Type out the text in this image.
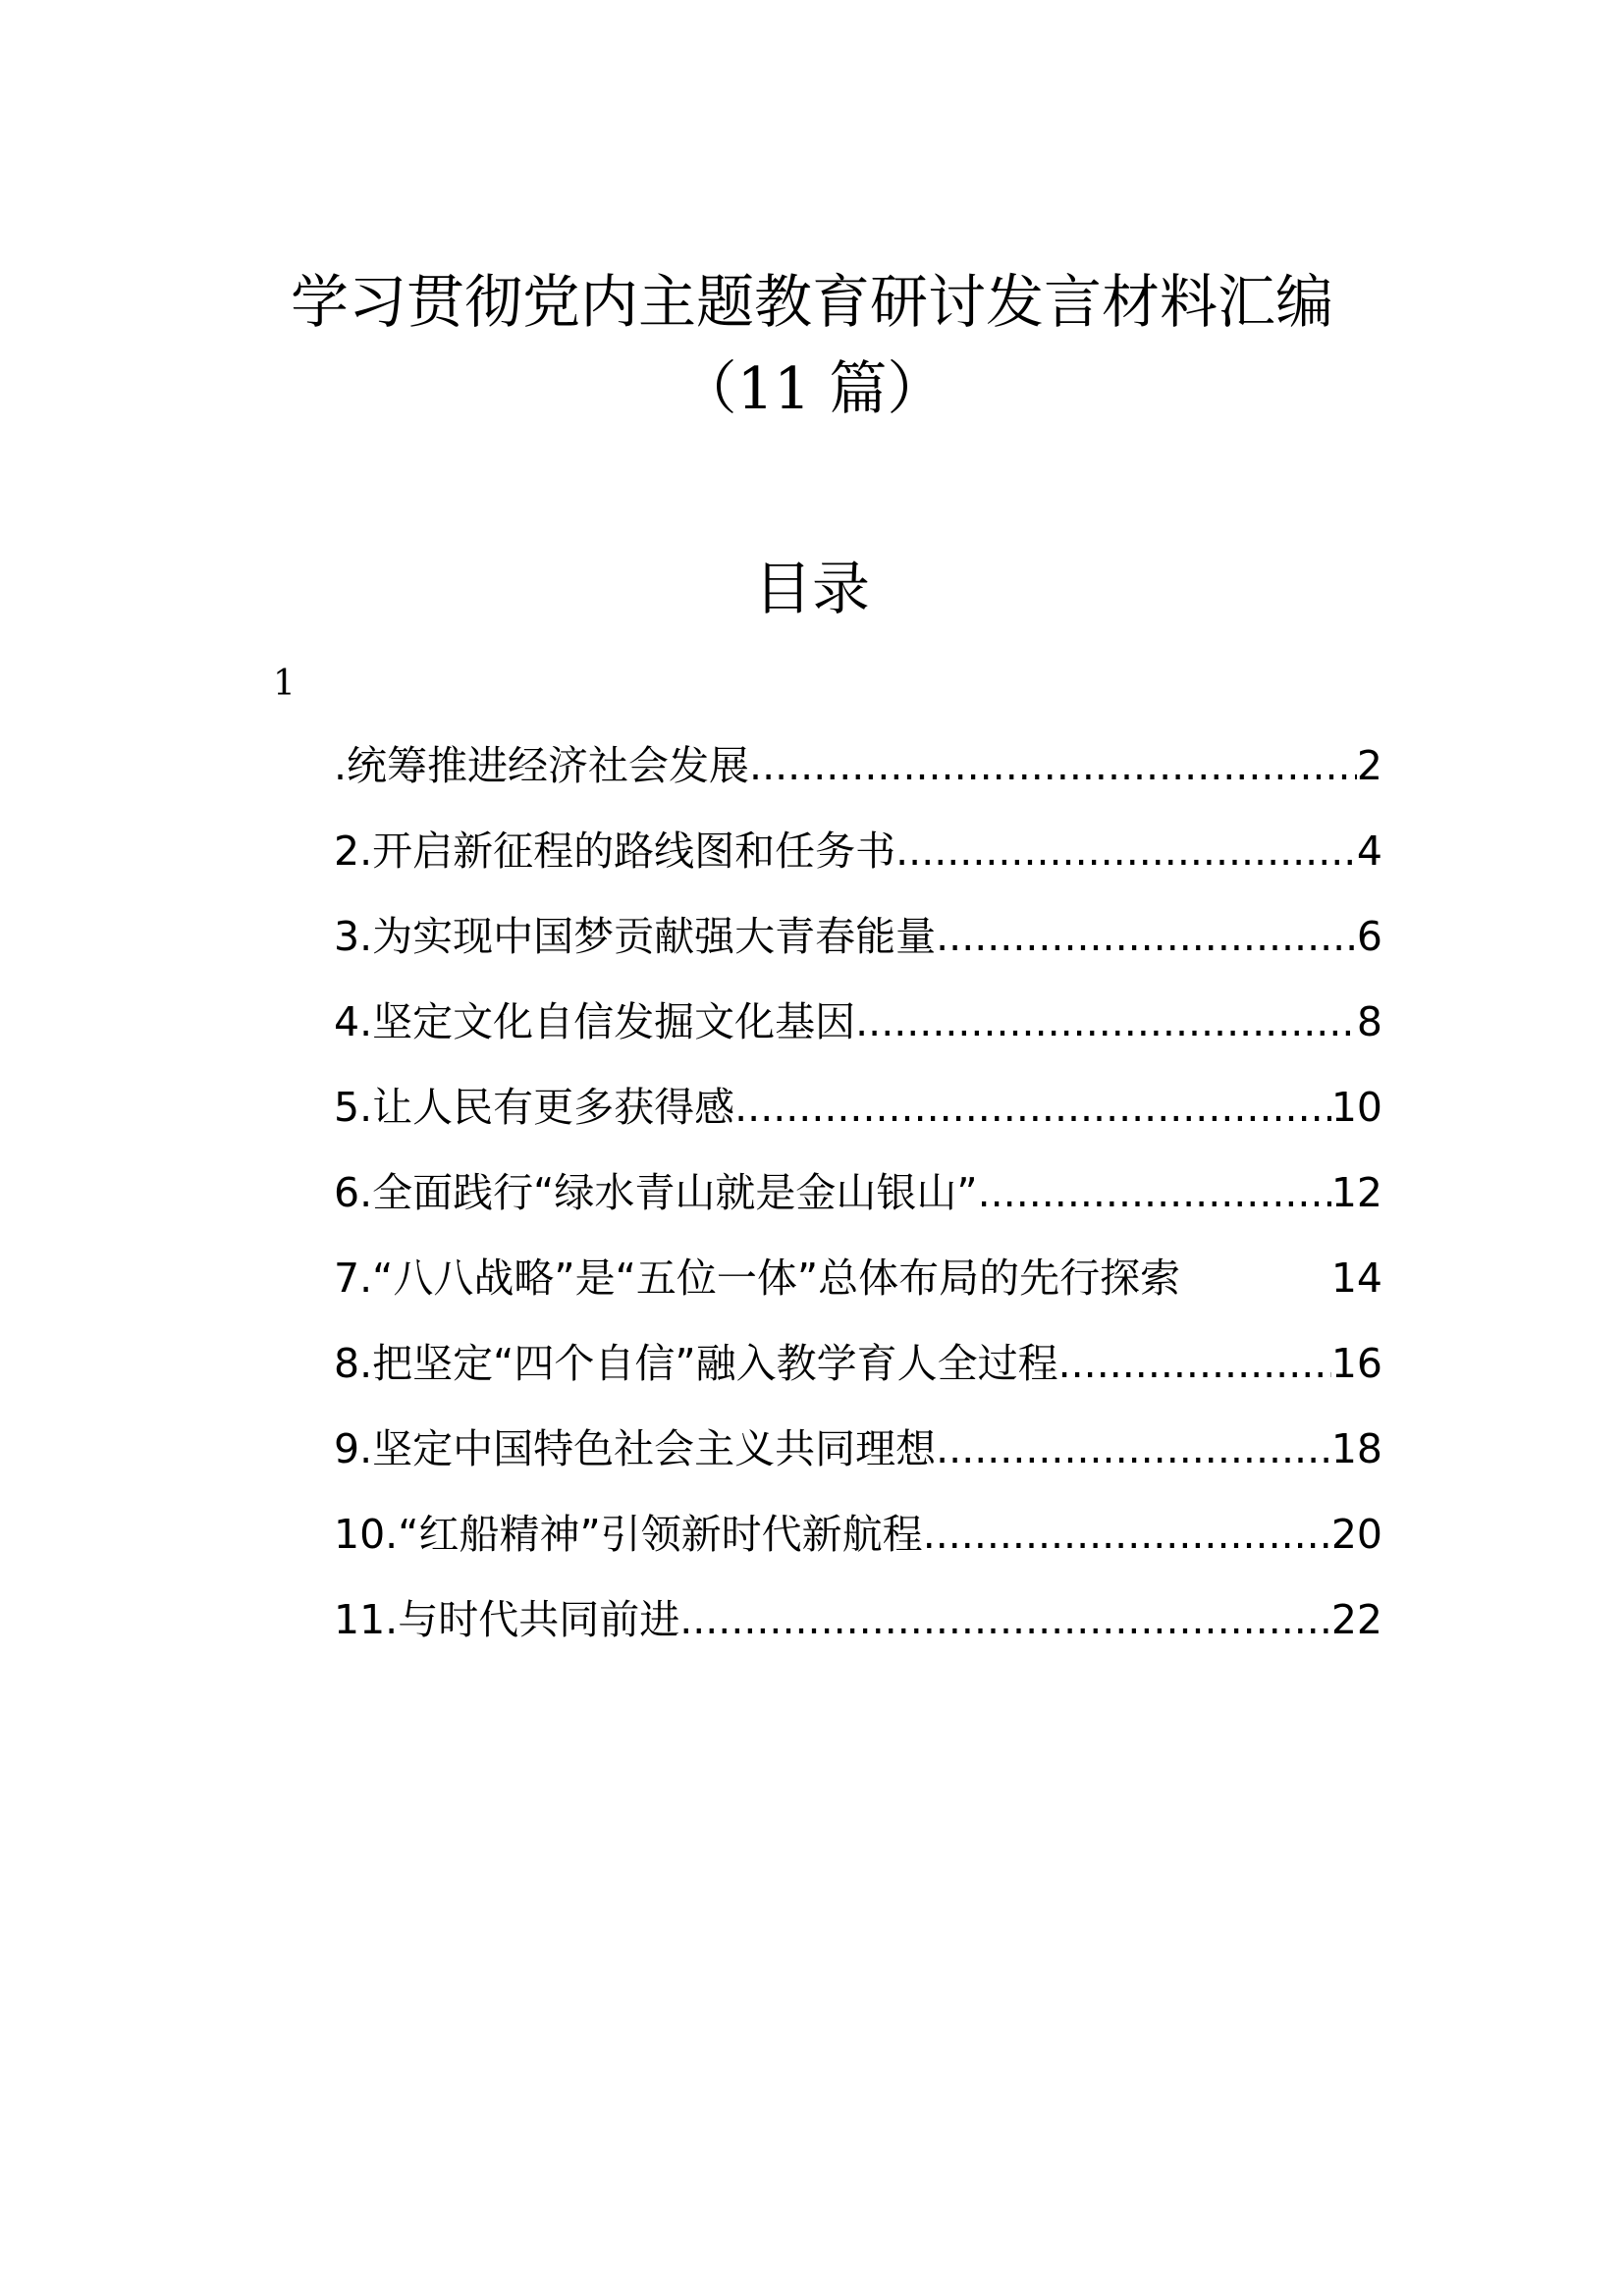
学习贯彻党内主题教育研讨发言材料汇编
（11 篇）
目录
1
.统筹推进经济社会发展 .....	2
2.开启新征程的路线图和任务书 .....	4
3.为实现中国梦贡献强大青春能量 .....	6
4.坚定文化自信发掘文化基因 .....	8
5.让人民有更多获得感 .....	10
6.全面践行“绿水青山就是金山银山” .....	12
7.“八八战略”是“五位一体”总体布局的先行探索	14
8.把坚定“四个自信”融入教学育人全过程 .....	16
9.坚定中国特色社会主义共同理想 .....	18
10.“红船精神”引领新时代新航程 .....	20
11.与时代共同前进 .....	22
